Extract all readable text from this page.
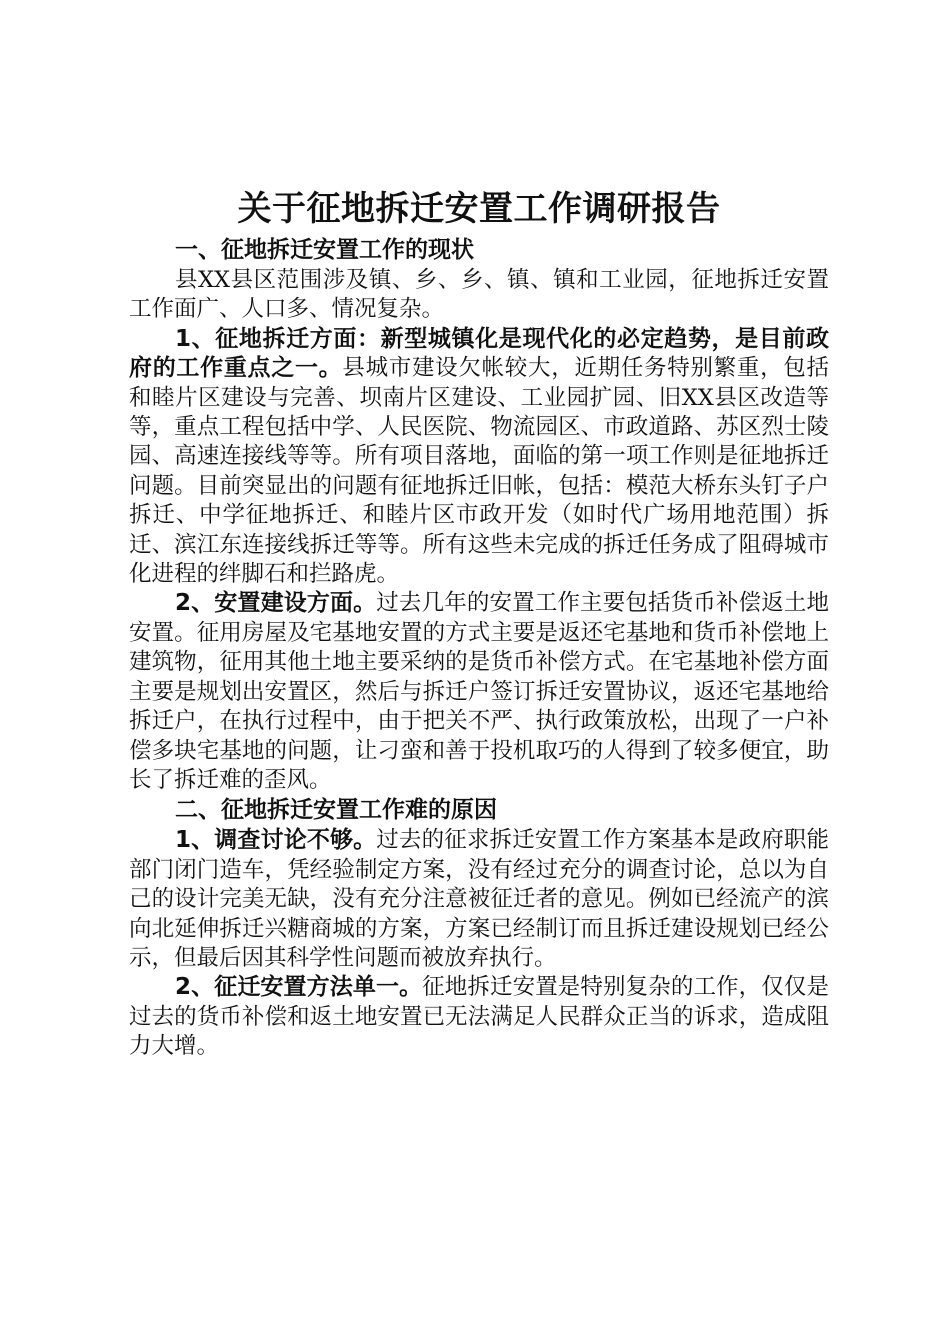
关于征地拆迁安置工作调研报告
一、征地拆迁安置工作的现状

县XX县区范围涉及镇、乡、乡、镇、镇和工业园，征地拆迁安置工作面广、人口多、情况复杂。

1、征地拆迁方面：新型城镇化是现代化的必定趋势，是目前政府的工作重点之一。县城市建设欠帐较大，近期任务特别繁重，包括和睦片区建设与完善、坝南片区建设、工业园扩园、旧XX县区改造等等，重点工程包括中学、人民医院、物流园区、市政道路、苏区烈士陵园、高速连接线等等。所有项目落地，面临的第一项工作则是征地拆迁问题。目前突显出的问题有征地拆迁旧帐，包括：模范大桥东头钉子户拆迁、中学征地拆迁、和睦片区市政开发（如时代广场用地范围）拆迁、滨江东连接线拆迁等等。所有这些未完成的拆迁任务成了阻碍城市化进程的绊脚石和拦路虎。

2、安置建设方面。过去几年的安置工作主要包括货币补偿返土地安置。征用房屋及宅基地安置的方式主要是返还宅基地和货币补偿地上建筑物，征用其他土地主要采纳的是货币补偿方式。在宅基地补偿方面主要是规划出安置区，然后与拆迁户签订拆迁安置协议，返还宅基地给拆迁户，在执行过程中，由于把关不严、执行政策放松，出现了一户补偿多块宅基地的问题，让刁蛮和善于投机取巧的人得到了较多便宜，助长了拆迁难的歪风。

二、征地拆迁安置工作难的原因

1、调查讨论不够。过去的征求拆迁安置工作方案基本是政府职能部门闭门造车，凭经验制定方案，没有经过充分的调查讨论，总以为自己的设计完美无缺，没有充分注意被征迁者的意见。例如已经流产的滨向北延伸拆迁兴糖商城的方案，方案已经制订而且拆迁建设规划已经公示，但最后因其科学性问题而被放弃执行。

2、征迁安置方法单一。征地拆迁安置是特别复杂的工作，仅仅是过去的货币补偿和返土地安置已无法满足人民群众正当的诉求，造成阻力大增。
